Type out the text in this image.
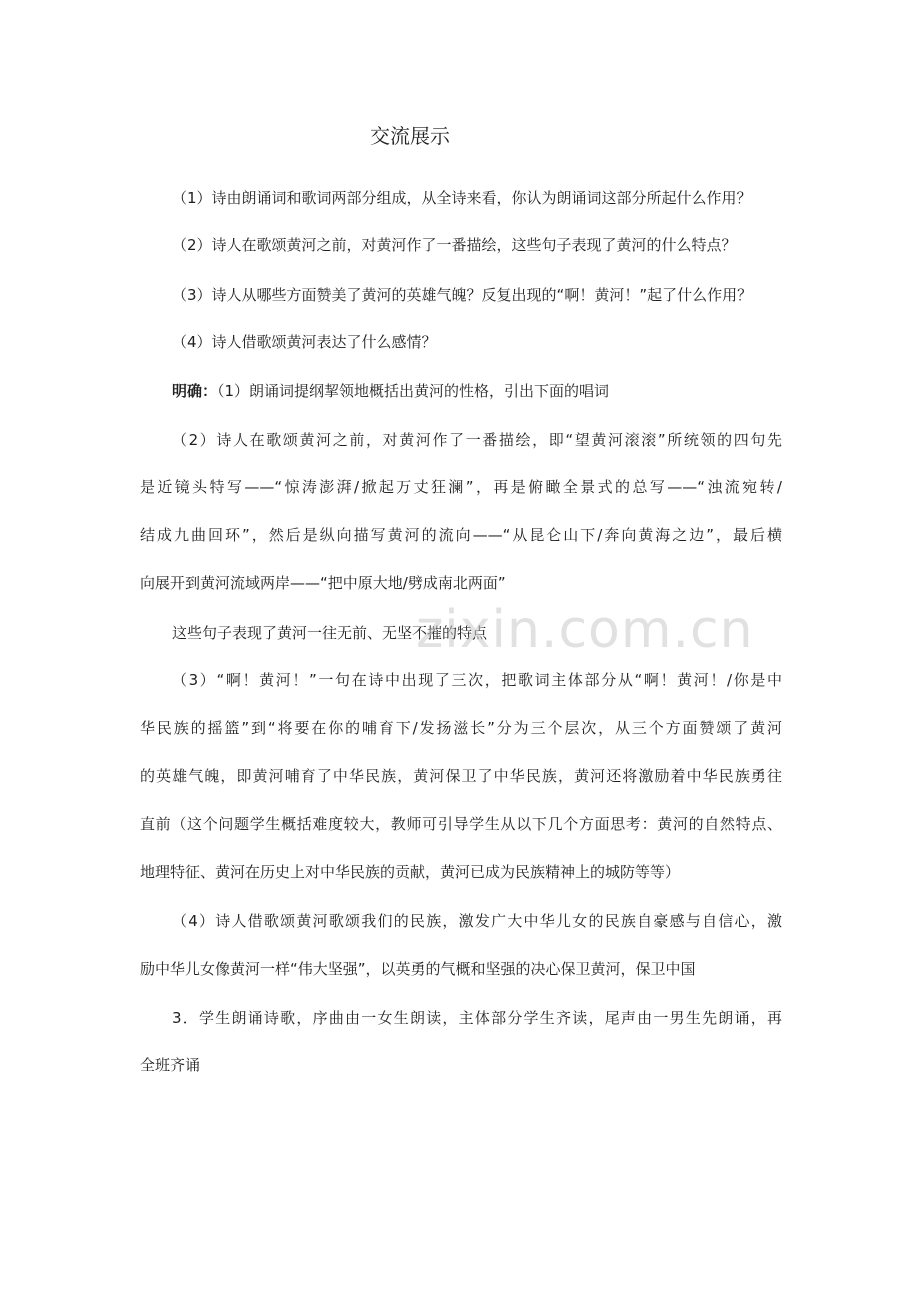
交流展示
（1）诗由朗诵词和歌词两部分组成，从全诗来看，你认为朗诵词这部分所起什么作用？
（2）诗人在歌颂黄河之前，对黄河作了一番描绘，这些句子表现了黄河的什么特点？
（3）诗人从哪些方面赞美了黄河的英雄气魄？反复出现的“啊！黄河！”起了什么作用？
（4）诗人借歌颂黄河表达了什么感情？
明确：（1）朗诵词提纲挈领地概括出黄河的性格，引出下面的唱词
（2）诗人在歌颂黄河之前，对黄河作了一番描绘，即“望黄河滚滚”所统领的四句先
是近镜头特写——“惊涛澎湃/掀起万丈狂澜”，再是俯瞰全景式的总写——“浊流宛转/
结成九曲回环”，然后是纵向描写黄河的流向——“从昆仑山下/奔向黄海之边”，最后横
向展开到黄河流域两岸——“把中原大地/劈成南北两面”
这些句子表现了黄河一往无前、无坚不摧的特点
（3）“啊！黄河！”一句在诗中出现了三次，把歌词主体部分从“啊！黄河！/你是中
华民族的摇篮”到“将要在你的哺育下/发扬滋长”分为三个层次，从三个方面赞颂了黄河
的英雄气魄，即黄河哺育了中华民族，黄河保卫了中华民族，黄河还将激励着中华民族勇往
直前（这个问题学生概括难度较大，教师可引导学生从以下几个方面思考：黄河的自然特点、
地理特征、黄河在历史上对中华民族的贡献，黄河已成为民族精神上的城防等等）
（4）诗人借歌颂黄河歌颂我们的民族，激发广大中华儿女的民族自豪感与自信心，激
励中华儿女像黄河一样“伟大坚强”，以英勇的气概和坚强的决心保卫黄河，保卫中国
3．学生朗诵诗歌，序曲由一女生朗读，主体部分学生齐读，尾声由一男生先朗诵，再
全班齐诵
zixin.com.cn
